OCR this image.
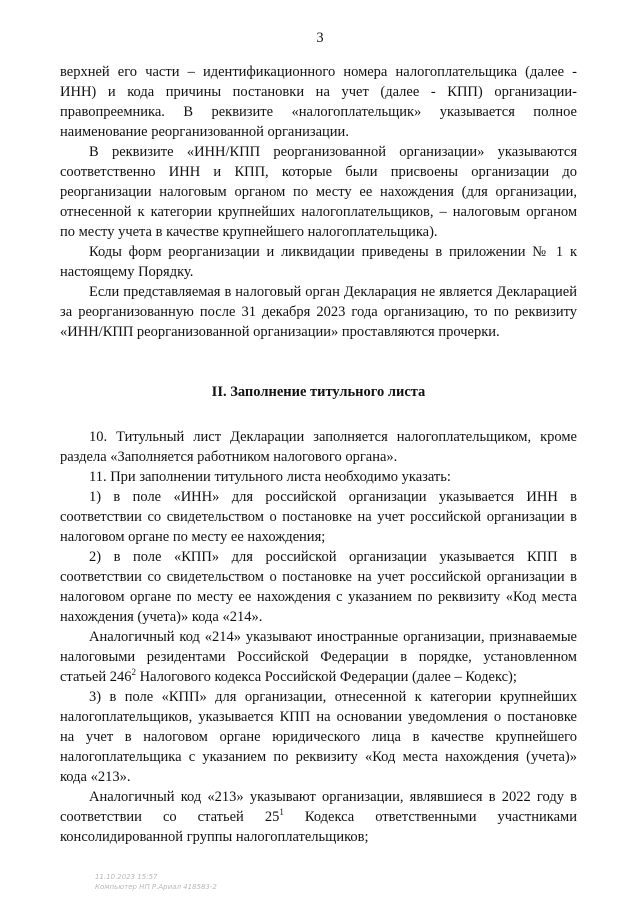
3

верхней его части – идентификационного номера налогоплательщика (далее - ИНН) и кода причины постановки на учет (далее - КПП) организации-правопреемника. В реквизите «налогоплательщик» указывается полное наименование реорганизованной организации.

В реквизите «ИНН/КПП реорганизованной организации» указываются соответственно ИНН и КПП, которые были присвоены организации до реорганизации налоговым органом по месту ее нахождения (для организации, отнесенной к категории крупнейших налогоплательщиков, – налоговым органом по месту учета в качестве крупнейшего налогоплательщика).

Коды форм реорганизации и ликвидации приведены в приложении № 1 к настоящему Порядку.

Если представляемая в налоговый орган Декларация не является Декларацией за реорганизованную после 31 декабря 2023 года организацию, то по реквизиту «ИНН/КПП реорганизованной организации» проставляются прочерки.

II. Заполнение титульного листа

10. Титульный лист Декларации заполняется налогоплательщиком, кроме раздела «Заполняется работником налогового органа».

11. При заполнении титульного листа необходимо указать:

1) в поле «ИНН» для российской организации указывается ИНН в соответствии со свидетельством о постановке на учет российской организации в налоговом органе по месту ее нахождения;

2) в поле «КПП» для российской организации указывается КПП в соответствии со свидетельством о постановке на учет российской организации в налоговом органе по месту ее нахождения с указанием по реквизиту «Код места нахождения (учета)» кода «214».

Аналогичный код «214» указывают иностранные организации, признаваемые налоговыми резидентами Российской Федерации в порядке, установленном статьей $246^2$ Налогового кодекса Российской Федерации (далее – Кодекс);

3) в поле «КПП» для организации, отнесенной к категории крупнейших налогоплательщиков, указывается КПП на основании уведомления о постановке на учет в налоговом органе юридического лица в качестве крупнейшего налогоплательщика с указанием по реквизиту «Код места нахождения (учета)» кода «213».

Аналогичный код «213» указывают организации, являвшиеся в 2022 году в соответствии со статьей $25^1$ Кодекса ответственными участниками консолидированной группы налогоплательщиков;

11.10.2023 15:57
Компьютер НП Р.Ариал 418583-2
